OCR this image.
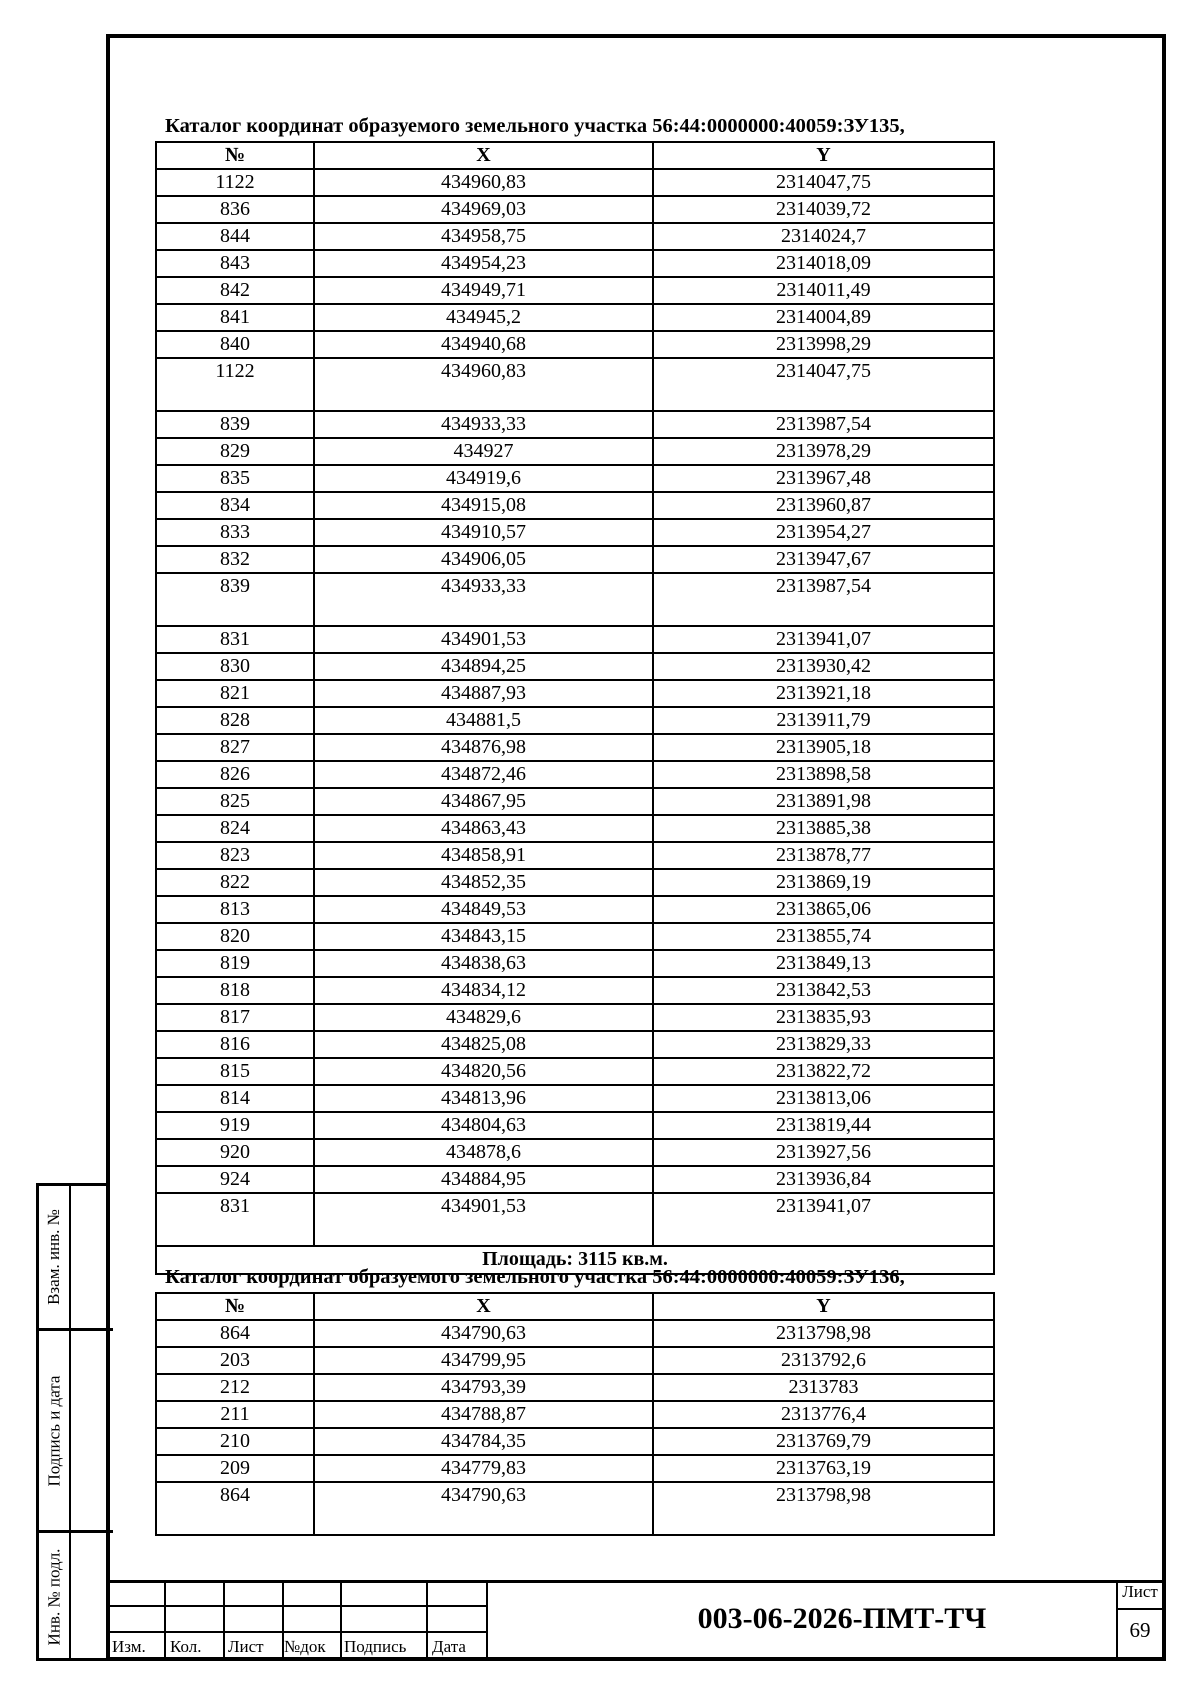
Взам. инв. №
Подпись и дата
Инв. № подл.
Каталог координат образуемого земельного участка 56:44:0000000:40059:ЗУ135,
№	X	Y
1122	434960,83	2314047,75
836	434969,03	2314039,72
844	434958,75	2314024,7
843	434954,23	2314018,09
842	434949,71	2314011,49
841	434945,2	2314004,89
840	434940,68	2313998,29
1122	434960,83	2314047,75
839	434933,33	2313987,54
829	434927	2313978,29
835	434919,6	2313967,48
834	434915,08	2313960,87
833	434910,57	2313954,27
832	434906,05	2313947,67
839	434933,33	2313987,54
831	434901,53	2313941,07
830	434894,25	2313930,42
821	434887,93	2313921,18
828	434881,5	2313911,79
827	434876,98	2313905,18
826	434872,46	2313898,58
825	434867,95	2313891,98
824	434863,43	2313885,38
823	434858,91	2313878,77
822	434852,35	2313869,19
813	434849,53	2313865,06
820	434843,15	2313855,74
819	434838,63	2313849,13
818	434834,12	2313842,53
817	434829,6	2313835,93
816	434825,08	2313829,33
815	434820,56	2313822,72
814	434813,96	2313813,06
919	434804,63	2313819,44
920	434878,6	2313927,56
924	434884,95	2313936,84
831	434901,53	2313941,07
Площадь: 3115 кв.м.		
Каталог координат образуемого земельного участка 56:44:0000000:40059:ЗУ136,
№	X	Y
864	434790,63	2313798,98
203	434799,95	2313792,6
212	434793,39	2313783
211	434788,87	2313776,4
210	434784,35	2313769,79
209	434779,83	2313763,19
864	434790,63	2313798,98
Изм. Кол. Лист №док Подпись Дата
003-06-2026-ПМТ-ТЧ
Лист
69
